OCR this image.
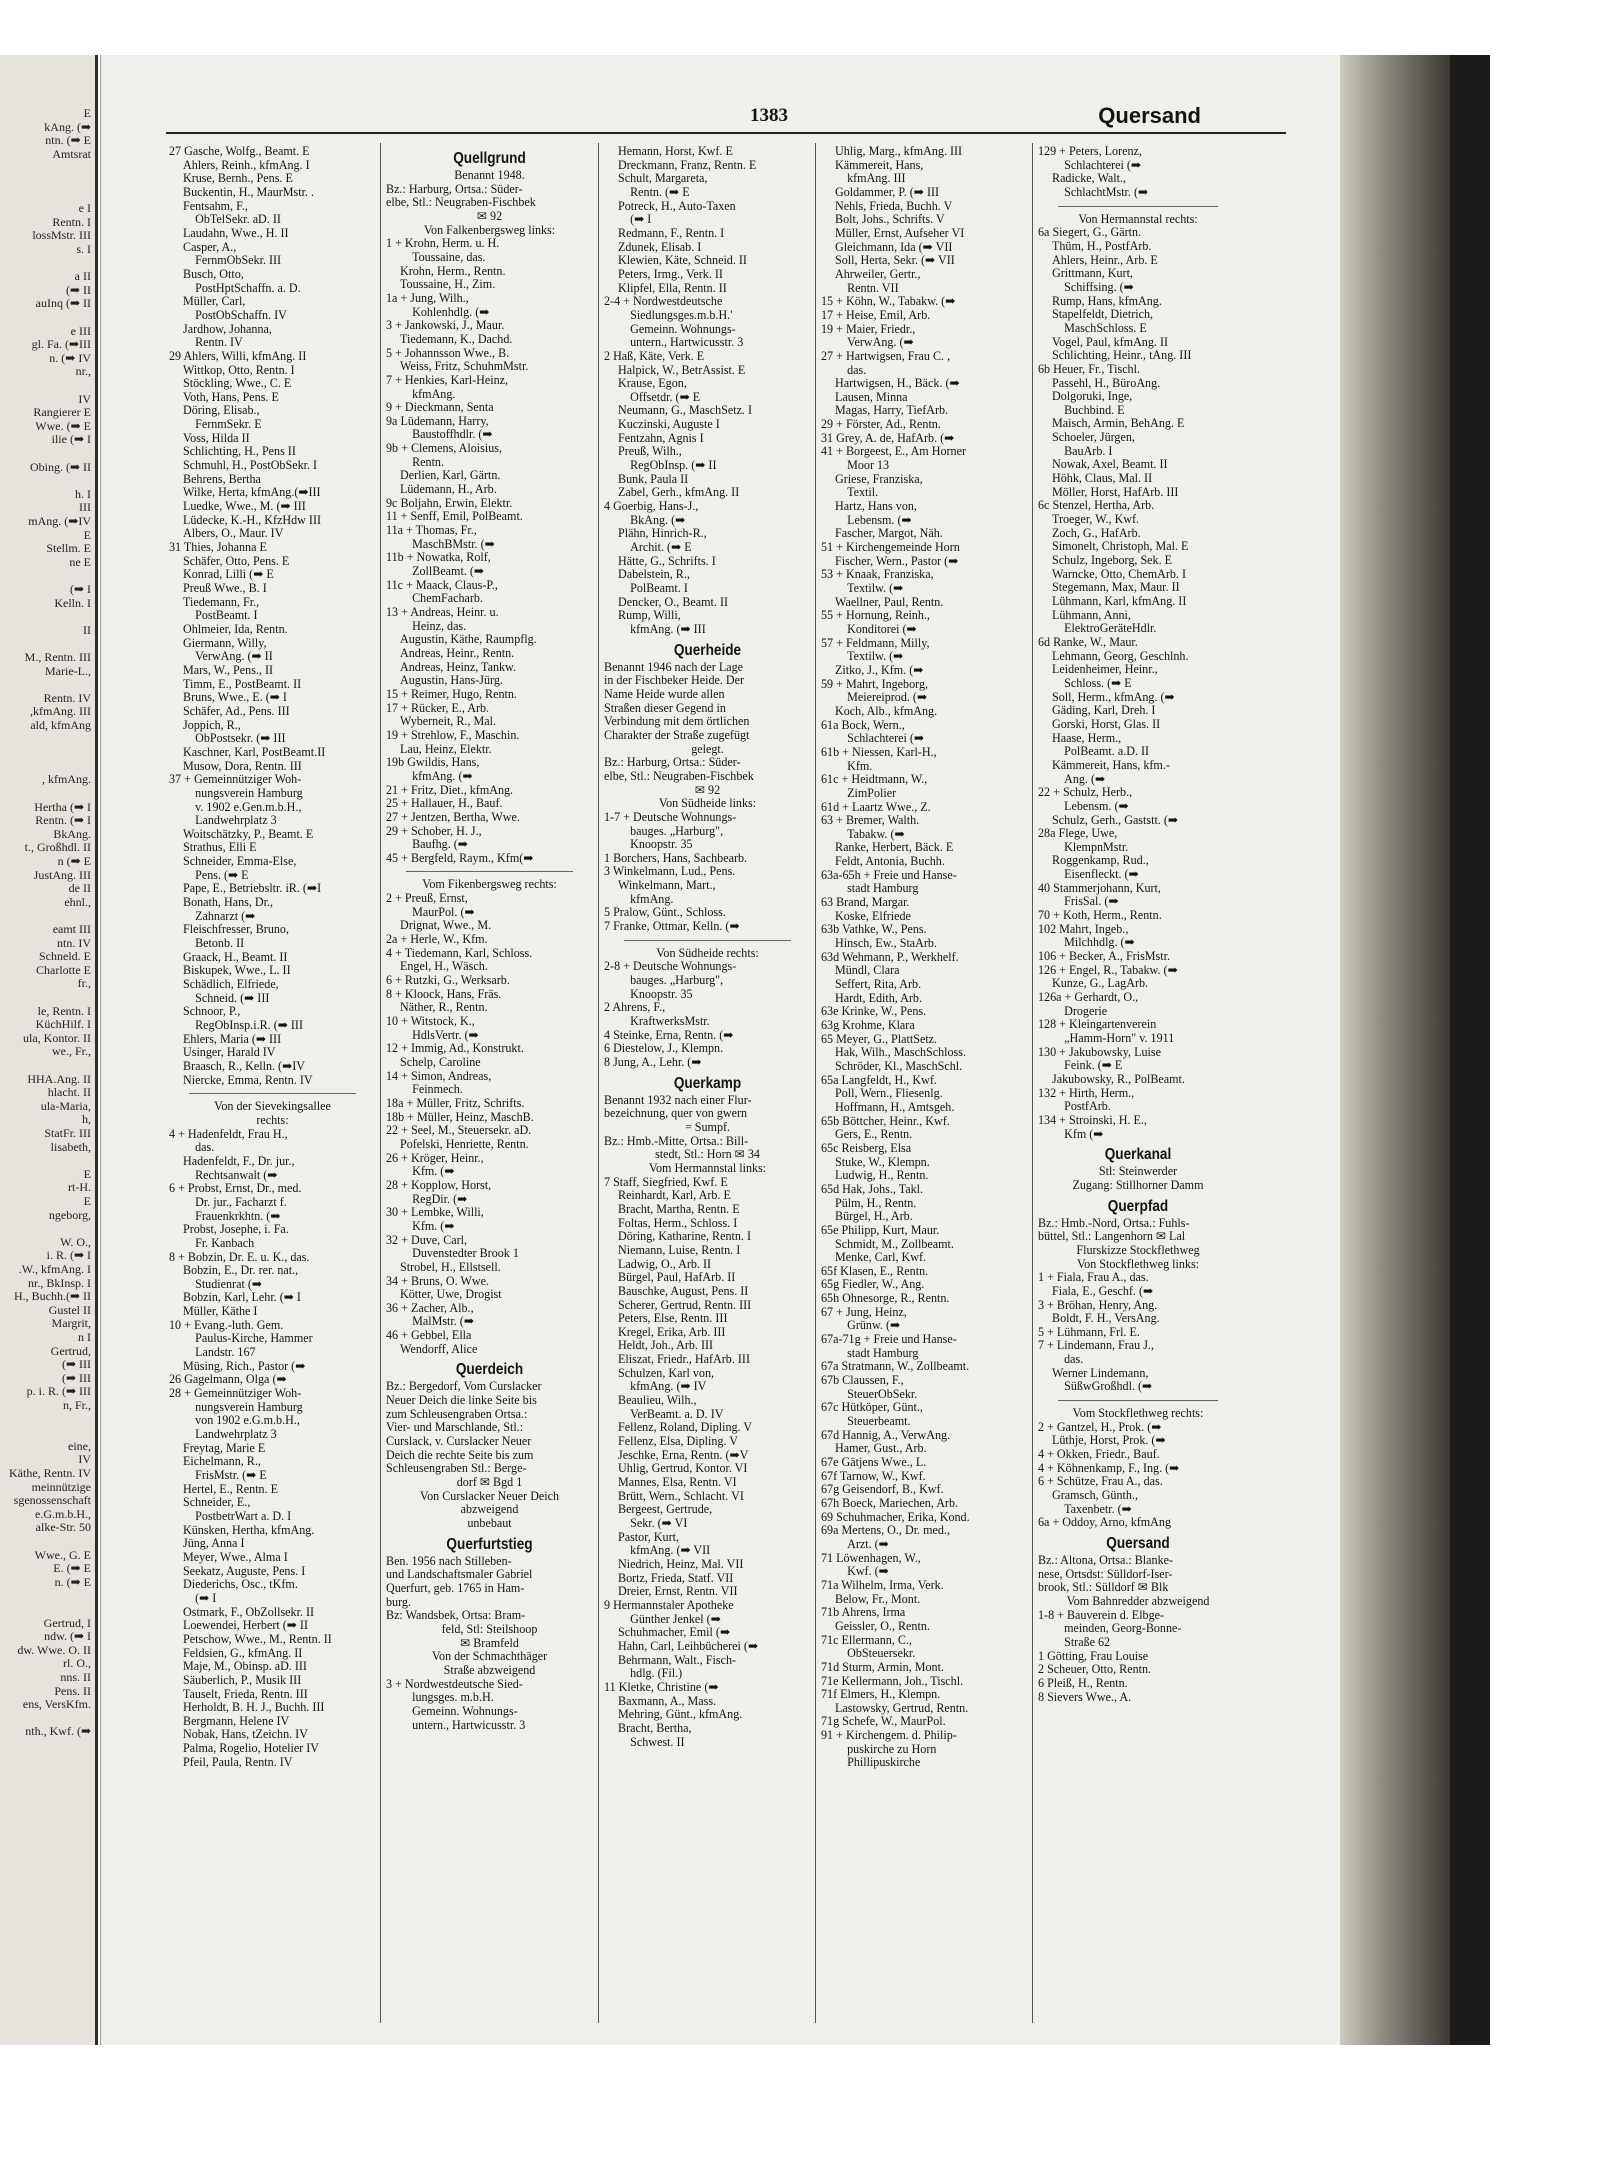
E
kAng. (➡
ntn. (➡ E
Amtsrat
e I
Rentn. I
lossMstr. III
s. I
a II
(➡ II
auInq (➡ II
e III
gl. Fa. (➡III
n. (➡ IV
nr.,
IV
Rangierer E
Wwe. (➡ E
ilie (➡ I
Obing. (➡ II
h. I
III
mAng. (➡IV
E
Stellm. E
ne E
(➡ I
Kelln. I
II
M., Rentn. III
Marie-L.,
Rentn. IV
,kfmAng. III
ald, kfmAng
, kfmAng.
Hertha (➡ I
Rentn. (➡ I
BkAng.
t., Großhdl. II
n (➡ E
JustAng. III
de II
ehnl.,
eamt III
ntn. IV
Schneld. E
Charlotte E
fr.,
le, Rentn. I
KüchHilf. I
ula, Kontor. II
we., Fr.,
HHA.Ang. II
hlacht. II
ula-Maria,
h,
StatFr. III
lisabeth,
E
rt-H.
E
ngeborg,
W. O.,
i. R. (➡ I
.W., kfmAng. I
nr., BkInsp. I
H., Buchh.(➡ II
Gustel II
Margrit,
n I
Gertrud,
(➡ III
(➡ III
p. i. R. (➡ III
n, Fr.,
eine,
IV
Käthe, Rentn. IV
meinnützige
sgenossenschaft
e.G.m.b.H.,
alke-Str. 50
Wwe., G. E
E. (➡ E
n. (➡ E
Gertrud, I
ndw. (➡ I
dw. Wwe. O. II
rl. O.,
nns. II
Pens. II
ens, VersKfm.
nth., Kwf. (➡
1383	Quersand
27 Gasche, Wolfg., Beamt. E
Ahlers, Reinh., kfmAng. I
Kruse, Bernh., Pens. E
Buckentin, H., MaurMstr. .
Fentsahm, F.,
 ObTelSekr. aD. II
Laudahn, Wwe., H. II
Casper, A.,
 FernmObSekr. III
Busch, Otto,
 PostHptSchaffn. a. D.
Müller, Carl,
 PostObSchaffn. IV
Jardhow, Johanna,
 Rentn. IV
29 Ahlers, Willi, kfmAng. II
Wittkop, Otto, Rentn. I
Stöckling, Wwe., C. E
Voth, Hans, Pens. E
Döring, Elisab.,
 FernmSekr. E
Voss, Hilda II
Schlichting, H., Pens II
Schmuhl, H., PostObSekr. I
Behrens, Bertha
Wilke, Herta, kfmAng.(➡III
Luedke, Wwe., M. (➡ III
Lüdecke, K.-H., KfzHdw III
Albers, O., Maur. IV
31 Thies, Johanna E
Schäfer, Otto, Pens. E
Konrad, Lilli (➡ E
Preuß Wwe., B. I
Tiedemann, Fr.,
 PostBeamt. I
Ohlmeier, Ida, Rentn.
Giermann, Willy,
 VerwAng. (➡ II
Mars, W., Pens., II
Timm, E., PostBeamt. II
Bruns, Wwe., E. (➡ I
Schäfer, Ad., Pens. III
Joppich, R.,
 ObPostsekr. (➡ III
Kaschner, Karl, PostBeamt.II
Musow, Dora, Rentn. III
37 + Gemeinnütziger Woh-
 nungsverein Hamburg
 v. 1902 e.Gen.m.b.H.,
 Landwehrplatz 3
Woitschätzky, P., Beamt. E
Strathus, Elli E
Schneider, Emma-Else,
 Pens. (➡ E
Pape, E., Betriebsltr. iR. (➡I
Bonath, Hans, Dr.,
 Zahnarzt (➡
Fleischfresser, Bruno,
 Betonb. II
Graack, H., Beamt. II
Biskupek, Wwe., L. II
Schädlich, Elfriede,
 Schneid. (➡ III
Schnoor, P.,
 RegObInsp.i.R. (➡ III
Ehlers, Maria (➡ III
Usinger, Harald IV
Braasch, R., Kelln. (➡IV
Niercke, Emma, Rentn. IV
Von der Sievekingsallee
rechts:
4 + Hadenfeldt, Frau H.,
 das.
Hadenfeldt, F., Dr. jur.,
 Rechtsanwalt (➡
6 + Probst, Ernst, Dr., med.
 Dr. jur., Facharzt f.
 Frauenkrkhtn. (➡
Probst, Josephe, i. Fa.
 Fr. Kanbach
8 + Bobzin, Dr. E. u. K., das.
Bobzin, E., Dr. rer. nat.,
 Studienrat (➡
Bobzin, Karl, Lehr. (➡ I
Müller, Käthe I
10 + Evang.-luth. Gem.
 Paulus-Kirche, Hammer
 Landstr. 167
Müsing, Rich., Pastor (➡
26 Gagelmann, Olga (➡
28 + Gemeinnütziger Woh-
 nungsverein Hamburg
 von 1902 e.G.m.b.H.,
 Landwehrplatz 3
Freytag, Marie E
Eichelmann, R.,
 FrisMstr. (➡ E
Hertel, E., Rentn. E
Schneider, E.,
 PostbetrWart a. D. I
Künsken, Hertha, kfmAng.
Jüng, Anna I
Meyer, Wwe., Alma I
Seekatz, Auguste, Pens. I
Diederichs, Osc., tKfm.
 (➡ I
Ostmark, F., ObZollsekr. II
Loewendei, Herbert (➡ II
Petschow, Wwe., M., Rentn. II
Feldsien, G., kfmAng. II
Maje, M., Obinsp. aD. III
Säuberlich, P., Musik III
Tauselt, Frieda, Rentn. III
Herholdt, B. H. J., Buchh. III
Bergmann, Helene IV
Nobak, Hans, tZeichn. IV
Palma, Rogelio, Hotelier IV
Pfeil, Paula, Rentn. IV
Quellgrund
Benannt 1948.
Bz.: Harburg, Ortsa.: Süder-
elbe, Stl.: Neugraben-Fischbek
✉ 92
Von Falkenbergsweg links:
1 + Krohn, Herm. u. H.
 Toussaine, das.
Krohn, Herm., Rentn.
Toussaine, H., Zim.
1a + Jung, Wilh.,
 Kohlenhdlg. (➡
3 + Jankowski, J., Maur.
Tiedemann, K., Dachd.
5 + Johannsson Wwe., B.
Weiss, Fritz, SchuhmMstr.
7 + Henkies, Karl-Heinz,
 kfmAng.
9 + Dieckmann, Senta
9a Lüdemann, Harry,
 Baustoffhdlr. (➡
9b + Clemens, Aloisius,
 Rentn.
Derlien, Karl, Gärtn.
Lüdemann, H., Arb.
9c Boljahn, Erwin, Elektr.
11 + Senff, Emil, PolBeamt.
11a + Thomas, Fr.,
 MaschBMstr. (➡
11b + Nowatka, Rolf,
 ZollBeamt. (➡
11c + Maack, Claus-P.,
 ChemFacharb.
13 + Andreas, Heinr. u.
 Heinz, das.
Augustin, Käthe, Raumpflg.
Andreas, Heinr., Rentn.
Andreas, Heinz, Tankw.
Augustin, Hans-Jürg.
15 + Reimer, Hugo, Rentn.
17 + Rücker, E., Arb.
Wyberneit, R., Mal.
19 + Strehlow, F., Maschin.
Lau, Heinz, Elektr.
19b Gwildis, Hans,
 kfmAng. (➡
21 + Fritz, Diet., kfmAng.
25 + Hallauer, H., Bauf.
27 + Jentzen, Bertha, Wwe.
29 + Schober, H. J.,
 Baufhg. (➡
45 + Bergfeld, Raym., Kfm(➡
Vom Fikenbergsweg rechts:
2 + Preuß, Ernst,
 MaurPol. (➡
Drignat, Wwe., M.
2a + Herle, W., Kfm.
4 + Tiedemann, Karl, Schloss.
Engel, H., Wäsch.
6 + Rutzki, G., Werksarb.
8 + Kloock, Hans, Fräs.
Näther, R., Rentn.
10 + Witstock, K.,
 HdlsVertr. (➡
12 + Immig, Ad., Konstrukt.
Schelp, Caroline
14 + Simon, Andreas,
 Feinmech.
18a + Müller, Fritz, Schrifts.
18b + Müller, Heinz, MaschB.
22 + Seel, M., Steuersekr. aD.
Pofelski, Henriette, Rentn.
26 + Kröger, Heinr.,
 Kfm. (➡
28 + Kopplow, Horst,
 RegDir. (➡
30 + Lembke, Willi,
 Kfm. (➡
32 + Duve, Carl,
 Duvenstedter Brook 1
Strobel, H., Ellstsell.
34 + Bruns, O. Wwe.
Kötter, Uwe, Drogist
36 + Zacher, Alb.,
 MalMstr. (➡
46 + Gebbel, Ella
Wendorff, Alice
Querdeich
Bz.: Bergedorf, Vom Curslacker
Neuer Deich die linke Seite bis
zum Schleusengraben Ortsa.:
Vier- und Marschlande, Stl.:
Curslack, v. Curslacker Neuer
Deich die rechte Seite bis zum
Schleusengraben Stl.: Berge-
dorf ✉ Bgd 1
Von Curslacker Neuer Deich
abzweigend
unbebaut
Querfurtstieg
Ben. 1956 nach Stilleben-
und Landschaftsmaler Gabriel
Querfurt, geb. 1765 in Ham-
burg.
Bz: Wandsbek, Ortsa: Bram-
feld, Stl: Steilshoop
✉ Bramfeld
Von der Schmachthäger
Straße abzweigend
3 + Nordwestdeutsche Sied-
 lungsges. m.b.H.
 Gemeinn. Wohnungs-
 untern., Hartwicusstr. 3
Hemann, Horst, Kwf. E
Dreckmann, Franz, Rentn. E
Schult, Margareta,
 Rentn. (➡ E
Potreck, H., Auto-Taxen
 (➡ I
Redmann, F., Rentn. I
Zdunek, Elisab. I
Klewien, Käte, Schneid. II
Peters, Irmg., Verk. II
Klipfel, Ella, Rentn. II
2-4 + Nordwestdeutsche
 Siedlungsges.m.b.H.'
 Gemeinn. Wohnungs-
 untern., Hartwicusstr. 3
2 Haß, Käte, Verk. E
Halpick, W., BetrAssist. E
Krause, Egon,
 Offsetdr. (➡ E
Neumann, G., MaschSetz. I
Kuczinski, Auguste I
Fentzahn, Agnis I
Preuß, Wilh.,
 RegObInsp. (➡ II
Bunk, Paula II
Zabel, Gerh., kfmAng. II
4 Goerbig, Hans-J.,
 BkAng. (➡
Plähn, Hinrich-R.,
 Archit. (➡ E
Hätte, G., Schrifts. I
Dabelstein, R.,
 PolBeamt. I
Dencker, O., Beamt. II
Rump, Willi,
 kfmAng. (➡ III
Querheide
Benannt 1946 nach der Lage
in der Fischbeker Heide. Der
Name Heide wurde allen
Straßen dieser Gegend in
Verbindung mit dem örtlichen
Charakter der Straße zugefügt
gelegt.
Bz.: Harburg, Ortsa.: Süder-
elbe, Stl.: Neugraben-Fischbek
✉ 92
Von Südheide links:
1-7 + Deutsche Wohnungs-
 bauges. „Harburg",
 Knoopstr. 35
1 Borchers, Hans, Sachbearb.
3 Winkelmann, Lud., Pens.
Winkelmann, Mart.,
 kfmAng.
5 Pralow, Günt., Schloss.
7 Franke, Ottmar, Kelln. (➡
Von Südheide rechts:
2-8 + Deutsche Wohnungs-
 bauges. „Harburg",
 Knoopstr. 35
2 Ahrens, F.,
 KraftwerksMstr.
4 Steinke, Erna, Rentn. (➡
6 Diestelow, J., Klempn.
8 Jung, A., Lehr. (➡
Querkamp
Benannt 1932 nach einer Flur-
bezeichnung, quer von gwern
= Sumpf.
Bz.: Hmb.-Mitte, Ortsa.: Bill-
stedt, Stl.: Horn ✉ 34
Vom Hermannstal links:
7 Staff, Siegfried, Kwf. E
Reinhardt, Karl, Arb. E
Bracht, Martha, Rentn. E
Foltas, Herm., Schloss. I
Döring, Katharine, Rentn. I
Niemann, Luise, Rentn. I
Ladwig, O., Arb. II
Bürgel, Paul, HafArb. II
Bauschke, August, Pens. II
Scherer, Gertrud, Rentn. III
Peters, Else, Rentn. III
Kregel, Erika, Arb. III
Heldt, Joh., Arb. III
Eliszat, Friedr., HafArb. III
Schulzen, Karl von,
 kfmAng. (➡ IV
Beaulieu, Wilh.,
 VerBeamt. a. D. IV
Fellenz, Roland, Dipling. V
Fellenz, Elsa, Dipling. V
Jeschke, Erna, Rentn. (➡V
Uhlig, Gertrud, Kontor. VI
Mannes, Elsa, Rentn. VI
Brütt, Wern., Schlacht. VI
Bergeest, Gertrude,
 Sekr. (➡ VI
Pastor, Kurt,
 kfmAng. (➡ VII
Niedrich, Heinz, Mal. VII
Bortz, Frieda, Statf. VII
Dreier, Ernst, Rentn. VII
9 Hermannstaler Apotheke
 Günther Jenkel (➡
Schuhmacher, Emil (➡
Hahn, Carl, Leihbücherei (➡
Behrmann, Walt., Fisch-
 hdlg. (Fil.)
11 Kletke, Christine (➡
Baxmann, A., Mass.
Mehring, Günt., kfmAng.
Bracht, Bertha,
 Schwest. II
Uhlig, Marg., kfmAng. III
Kämmereit, Hans,
 kfmAng. III
Goldammer, P. (➡ III
Nehls, Frieda, Buchh. V
Bolt, Johs., Schrifts. V
Müller, Ernst, Aufseher VI
Gleichmann, Ida (➡ VII
Soll, Herta, Sekr. (➡ VII
Ahrweiler, Gertr.,
 Rentn. VII
15 + Köhn, W., Tabakw. (➡
17 + Heise, Emil, Arb.
19 + Maier, Friedr.,
 VerwAng. (➡
27 + Hartwigsen, Frau C. ,
 das.
Hartwigsen, H., Bäck. (➡
Lausen, Minna
Magas, Harry, TiefArb.
29 + Förster, Ad., Rentn.
31 Grey, A. de, HafArb. (➡
41 + Borgeest, E., Am Horner
 Moor 13
Griese, Franziska,
 Textil.
Hartz, Hans von,
 Lebensm. (➡
Fascher, Margot, Näh.
51 + Kirchengemeinde Horn
Fischer, Wern., Pastor (➡
53 + Knaak, Franziska,
 Textilw. (➡
Waellner, Paul, Rentn.
55 + Hornung, Reinh.,
 Konditorei (➡
57 + Feldmann, Milly,
 Textilw. (➡
Zitko, J., Kfm. (➡
59 + Mahrt, Ingeborg,
 Meiereiprod. (➡
Koch, Alb., kfmAng.
61a Bock, Wern.,
 Schlachterei (➡
61b + Niessen, Karl-H.,
 Kfm.
61c + Heidtmann, W.,
 ZimPolier
61d + Laartz Wwe., Z.
63 + Bremer, Walth.
 Tabakw. (➡
Ranke, Herbert, Bäck. E
Feldt, Antonia, Buchh.
63a-65h + Freie und Hanse-
 stadt Hamburg
63 Brand, Margar.
Koske, Elfriede
63b Vathke, W., Pens.
Hinsch, Ew., StaArb.
63d Wehmann, P., Werkhelf.
Mündl, Clara
Seffert, Rita, Arb.
Hardt, Edith, Arb.
63e Krinke, W., Pens.
63g Krohme, Klara
65 Meyer, G., PlattSetz.
Hak, Wilh., MaschSchloss.
Schröder, Kl., MaschSchl.
65a Langfeldt, H., Kwf.
Poll, Wern., Fliesenlg.
Hoffmann, H., Amtsgeh.
65b Böttcher, Heinr., Kwf.
Gers, E., Rentn.
65c Reisberg, Elsa
Stuke, W., Klempn.
Ludwig, H., Rentn.
65d Hak, Johs., Takl.
Pülm, H., Rentn.
Bürgel, H., Arb.
65e Philipp, Kurt, Maur.
Schmidt, M., Zollbeamt.
Menke, Carl, Kwf.
65f Klasen, E., Rentn.
65g Fiedler, W., Ang.
65h Ohnesorge, R., Rentn.
67 + Jung, Heinz,
 Grünw. (➡
67a-71g + Freie und Hanse-
 stadt Hamburg
67a Stratmann, W., Zollbeamt.
67b Claussen, F.,
 SteuerObSekr.
67c Hütköper, Günt.,
 Steuerbeamt.
67d Hannig, A., VerwAng.
Hamer, Gust., Arb.
67e Gätjens Wwe., L.
67f Tarnow, W., Kwf.
67g Geisendorf, B., Kwf.
67h Boeck, Mariechen, Arb.
69 Schuhmacher, Erika, Kond.
69a Mertens, O., Dr. med.,
 Arzt. (➡
71 Löwenhagen, W.,
 Kwf. (➡
71a Wilhelm, Irma, Verk.
Below, Fr., Mont.
71b Ahrens, Irma
Geissler, O., Rentn.
71c Ellermann, C.,
 ObSteuersekr.
71d Sturm, Armin, Mont.
71e Kellermann, Joh., Tischl.
71f Elmers, H., Klempn.
Lastowsky, Gertrud, Rentn.
71g Schefe, W., MaurPol.
91 + Kirchengem. d. Philip-
 puskirche zu Horn
 Phillipuskirche
129 + Peters, Lorenz,
 Schlachterei (➡
Radicke, Walt.,
 SchlachtMstr. (➡
Von Hermannstal rechts:
6a Siegert, G., Gärtn.
Thüm, H., PostfArb.
Ahlers, Heinr., Arb. E
Grittmann, Kurt,
 Schiffsing. (➡
Rump, Hans, kfmAng.
Stapelfeldt, Dietrich,
 MaschSchloss. E
Vogel, Paul, kfmAng. II
Schlichting, Heinr., tAng. III
6b Heuer, Fr., Tischl.
Passehl, H., BüroAng.
Dolgoruki, Inge,
 Buchbind. E
Maisch, Armin, BehAng. E
Schoeler, Jürgen,
 BauArb. I
Nowak, Axel, Beamt. II
Höhk, Claus, Mal. II
Möller, Horst, HafArb. III
6c Stenzel, Hertha, Arb.
Troeger, W., Kwf.
Zoch, G., HafArb.
Simonelt, Christoph, Mal. E
Schulz, Ingeborg, Sek. E
Warncke, Otto, ChemArb. I
Stegemann, Max, Maur. II
Lühmann, Karl, kfmAng. II
Lühmann, Anni,
 ElektroGeräteHdlr.
6d Ranke, W., Maur.
Lehmann, Georg, Geschlnh.
Leidenheimer, Heinr.,
 Schloss. (➡ E
Soll, Herm., kfmAng. (➡
Gäding, Karl, Dreh. I
Gorski, Horst, Glas. II
Haase, Herm.,
 PolBeamt. a.D. II
Kämmereit, Hans, kfm.-
 Ang. (➡
22 + Schulz, Herb.,
 Lebensm. (➡
Schulz, Gerh., Gaststt. (➡
28a Flege, Uwe,
 KlempnMstr.
Roggenkamp, Rud.,
 Eisenfleckt. (➡
40 Stammerjohann, Kurt,
 FrisSal. (➡
70 + Koth, Herm., Rentn.
102 Mahrt, Ingeb.,
 Milchhdlg. (➡
106 + Becker, A., FrisMstr.
126 + Engel, R., Tabakw. (➡
Kunze, G., LagArb.
126a + Gerhardt, O.,
 Drogerie
128 + Kleingartenverein
 „Hamm-Horn" v. 1911
130 + Jakubowsky, Luise
 Feink. (➡ E
Jakubowsky, R., PolBeamt.
132 + Hirth, Herm.,
 PostfArb.
134 + Stroinski, H. E.,
 Kfm (➡
Querkanal
Stl: Steinwerder
Zugang: Stillhorner Damm
Querpfad
Bz.: Hmb.-Nord, Ortsa.: Fuhls-
büttel, Stl.: Langenhorn ✉ Lal
Flurskizze Stockflethweg
Von Stockflethweg links:
1 + Fiala, Frau A., das.
Fiala, E., Geschf. (➡
3 + Bröhan, Henry, Ang.
Boldt, F. H., VersAng.
5 + Lühmann, Frl. E.
7 + Lindemann, Frau J.,
 das.
Werner Lindemann,
 SüßwGroßhdl. (➡
Vom Stockflethweg rechts:
2 + Gantzel, H., Prok. (➡
Lüthje, Horst, Prok. (➡
4 + Okken, Friedr., Bauf.
4 + Köhnenkamp, F., Ing. (➡
6 + Schütze, Frau A., das.
Gramsch, Günth.,
 Taxenbetr. (➡
6a + Oddoy, Arno, kfmAng
Quersand
Bz.: Altona, Ortsa.: Blanke-
nese, Ortsdst: Sülldorf-Iser-
brook, Stl.: Sülldorf ✉ Blk
Vom Bahnredder abzweigend
1-8 + Bauverein d. Elbge-
 meinden, Georg-Bonne-
 Straße 62
1 Götting, Frau Louise
2 Scheuer, Otto, Rentn.
6 Pleiß, H., Rentn.
8 Sievers Wwe., A.
